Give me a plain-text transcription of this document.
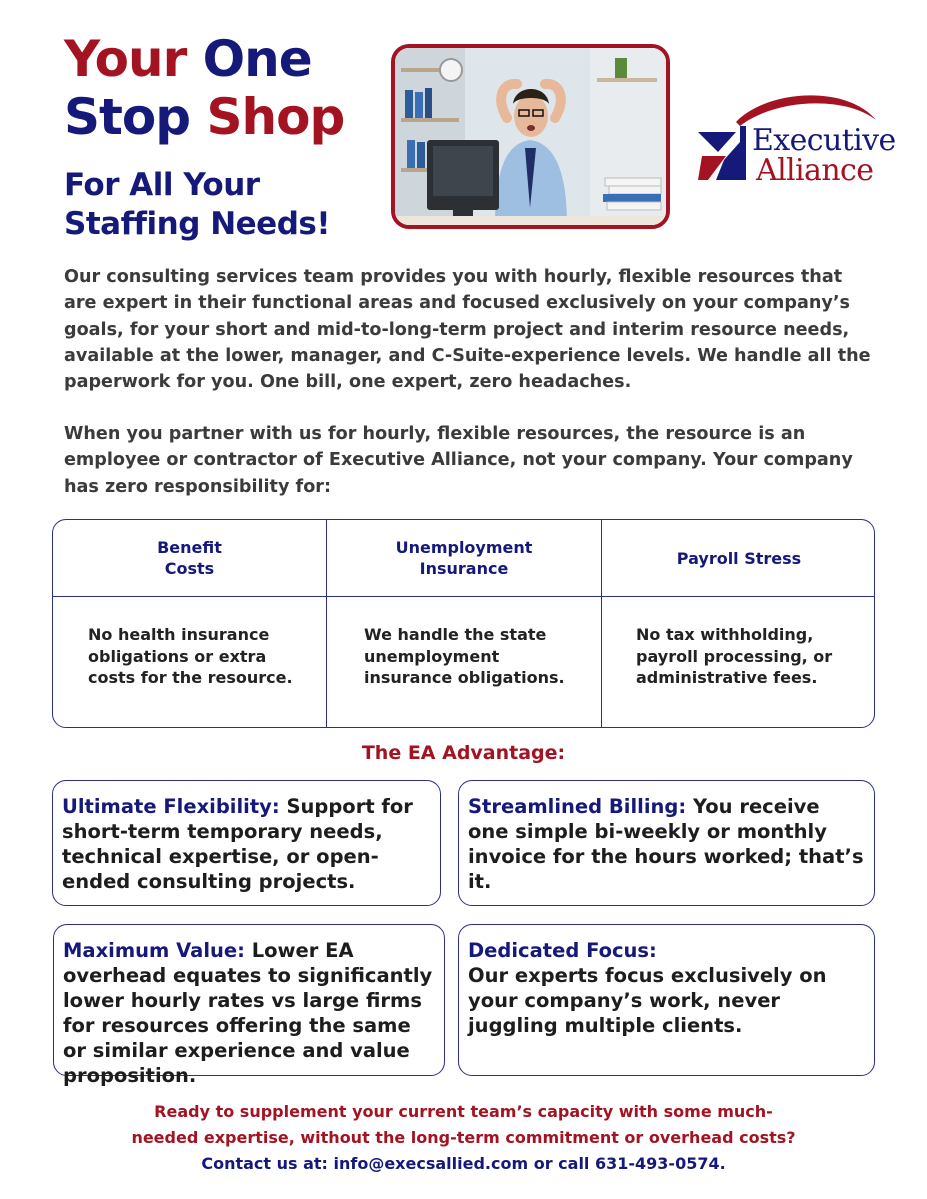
Your One
Stop Shop
For All Your
Staffing Needs!
Executive
Alliance

Our consulting services team provides you with hourly, flexible resources that are expert in their functional areas and focused exclusively on your company’s goals, for your short and mid-to-long-term project and interim resource needs, available at the lower, manager, and C-Suite-experience levels. We handle all the paperwork for you. One bill, one expert, zero headaches.

When you partner with us for hourly, flexible resources, the resource is an employee or contractor of Executive Alliance, not your company. Your company has zero responsibility for:

Benefit
Costs
No health insurance obligations or extra costs for the resource.
Unemployment
Insurance
We handle the state unemployment insurance obligations.
Payroll Stress
No tax withholding, payroll processing, or administrative fees.
The EA Advantage:
Ultimate Flexibility: Support for short-term temporary needs, technical expertise, or open-ended consulting projects.
Streamlined Billing: You receive one simple bi-weekly or monthly invoice for the hours worked; that’s it.
Maximum Value: Lower EA overhead equates to significantly lower hourly rates vs large firms for resources offering the same or similar experience and value proposition.
Dedicated Focus:
Our experts focus exclusively on your company’s work, never juggling multiple clients.
Ready to supplement your current team’s capacity with some much-
needed expertise, without the long-term commitment or overhead costs?
Contact us at: info@execsallied.com or call 631-493-0574.
